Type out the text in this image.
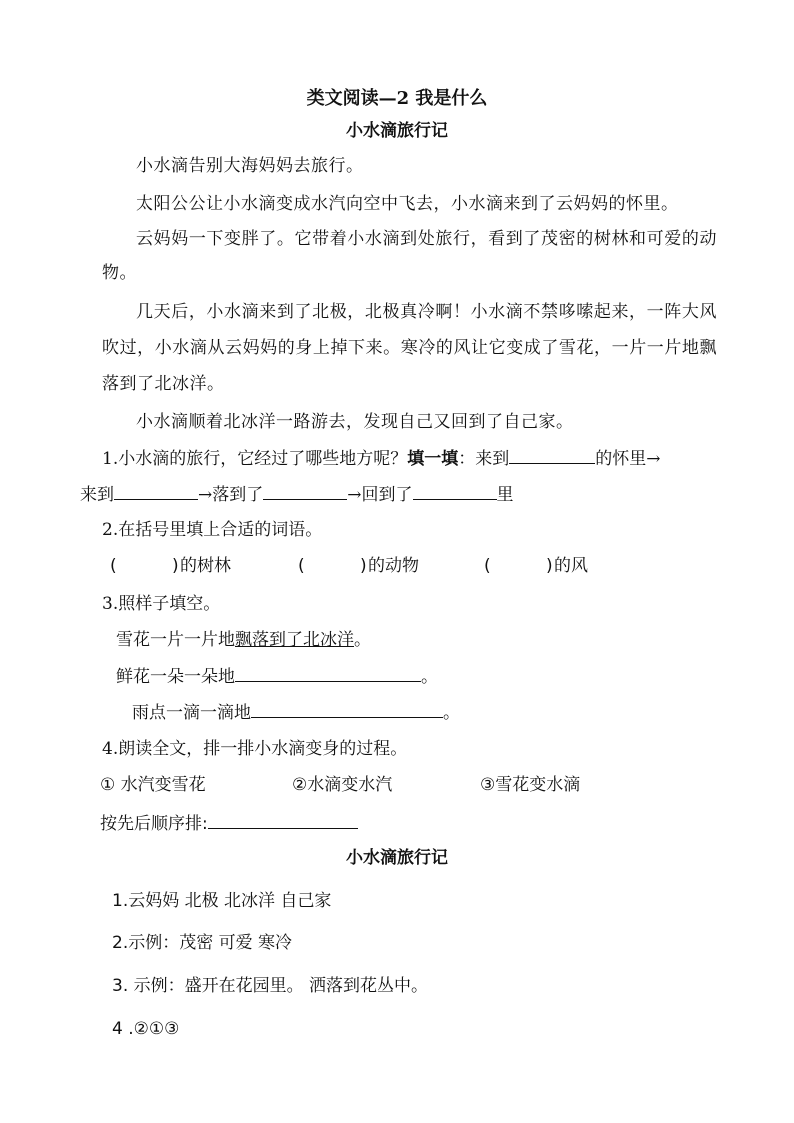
类文阅读—2 我是什么
小水滴旅行记
小水滴告别大海妈妈去旅行。
太阳公公让小水滴变成水汽向空中飞去，小水滴来到了云妈妈的怀里。
云妈妈一下变胖了。它带着小水滴到处旅行，看到了茂密的树林和可爱的动物。
几天后，小水滴来到了北极，北极真冷啊！小水滴不禁哆嗦起来，一阵大风吹过，小水滴从云妈妈的身上掉下来。寒冷的风让它变成了雪花，一片一片地飘落到了北冰洋。
小水滴顺着北冰洋一路游去，发现自己又回到了自己家。
1.小水滴的旅行，它经过了哪些地方呢？填一填：来到	的怀里→
来到	→落到了	→回到了	里
2.在括号里填上合适的词语。
(	) 的树林	(	) 的动物	(	) 的风
3.照样子填空。
雪花一片一片地飘落到了北冰洋。
鲜花一朵一朵地	。
雨点一滴一滴地	。
4.朗读全文，排一排小水滴变身的过程。
① 水汽变雪花	②水滴变水汽	③雪花变水滴
按先后顺序排:
小水滴旅行记
1.云妈妈 北极 北冰洋 自己家
2.示例：茂密 可爱 寒冷
3. 示例：盛开在花园里。 洒落到花丛中。
4 .②①③
